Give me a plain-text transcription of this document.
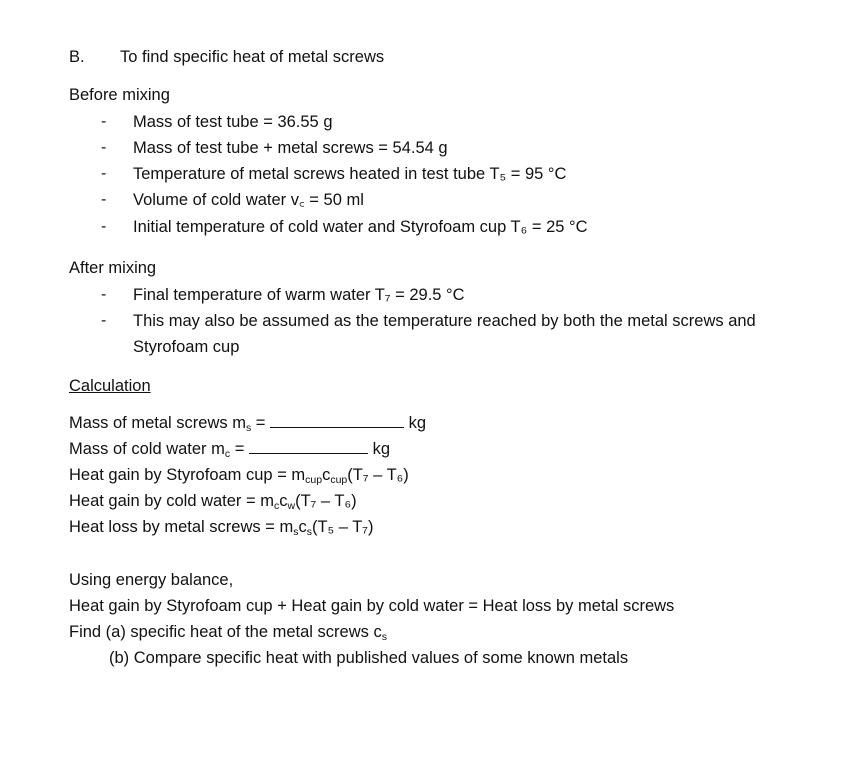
B. To find specific heat of metal screws
Before mixing
- Mass of test tube = 36.55 g
- Mass of test tube + metal screws = 54.54 g
- Temperature of metal screws heated in test tube T₅ = 95 °C
- Volume of cold water v꜀ = 50 ml
- Initial temperature of cold water and Styrofoam cup T₆ = 25 °C
After mixing
- Final temperature of warm water T₇ = 29.5 °C
- This may also be assumed as the temperature reached by both the metal screws and
Styrofoam cup
Calculation
Mass of metal screws $m_s$ =	kg
Mass of cold water $m_c$ =	kg
Heat gain by Styrofoam cup = $m_{cup}c_{cup}(T_7 - T_6)$
Heat gain by cold water = $m_cc_w(T_7 - T_6)$
Heat loss by metal screws = $m_sc_s(T_5 - T_7)$
Using energy balance,
Heat gain by Styrofoam cup + Heat gain by cold water = Heat loss by metal screws
Find (a) specific heat of the metal screws $c_s$
(b) Compare specific heat with published values of some known metals
